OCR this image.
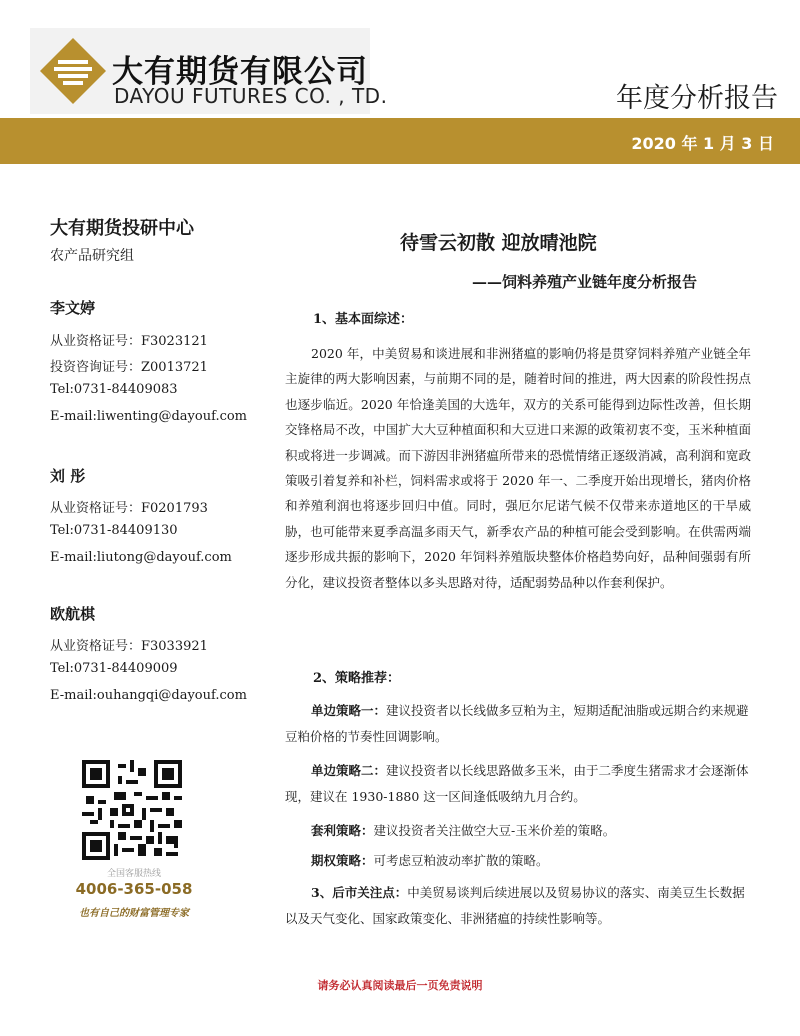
大有期货有限公司
DAYOU FUTURES CO. , TD.	年度分析报告
2020 年 1 月 3 日
大有期货投研中心
农产品研究组
李文婷
从业资格证号：F3023121
投资咨询证号：Z0013721
Tel:0731-84409083
E-mail:liwenting@dayouf.com
刘 彤
从业资格证号：F0201793
Tel:0731-84409130
E-mail:liutong@dayouf.com
欧航棋
从业资格证号：F3033921
Tel:0731-84409009
E-mail:ouhangqi@dayouf.com
全国客服热线
4006-365-058
也有自己的财富管理专家
待雪云初散 迎放晴池院
——饲料养殖产业链年度分析报告
1、基本面综述：
2020 年，中美贸易和谈进展和非洲猪瘟的影响仍将是贯穿饲料养殖产业链全年主旋律的两大影响因素，与前期不同的是，随着时间的推进，两大因素的阶段性拐点也逐步临近。2020 年恰逢美国的大选年，双方的关系可能得到边际性改善，但长期交锋格局不改，中国扩大大豆种植面积和大豆进口来源的政策初衷不变，玉米种植面积或将进一步调减。而下游因非洲猪瘟所带来的恐慌情绪正逐级消减，高利润和宽政策吸引着复养和补栏，饲料需求或将于 2020 年一、二季度开始出现增长，猪肉价格和养殖利润也将逐步回归中值。同时，强厄尔尼诺气候不仅带来赤道地区的干旱威胁，也可能带来夏季高温多雨天气，新季农产品的种植可能会受到影响。在供需两端逐步形成共振的影响下，2020 年饲料养殖版块整体价格趋势向好，品种间强弱有所分化，建议投资者整体以多头思路对待，适配弱势品种以作套利保护。
2、策略推荐：
单边策略一：建议投资者以长线做多豆粕为主，短期适配油脂或远期合约来规避豆粕价格的节奏性回调影响。
单边策略二：建议投资者以长线思路做多玉米，由于二季度生猪需求才会逐渐体现，建议在 1930-1880 这一区间逢低吸纳九月合约。
套利策略：建议投资者关注做空大豆-玉米价差的策略。
期权策略：可考虑豆粕波动率扩散的策略。
3、后市关注点：中美贸易谈判后续进展以及贸易协议的落实、南美豆生长数据以及天气变化、国家政策变化、非洲猪瘟的持续性影响等。
请务必认真阅读最后一页免责说明
